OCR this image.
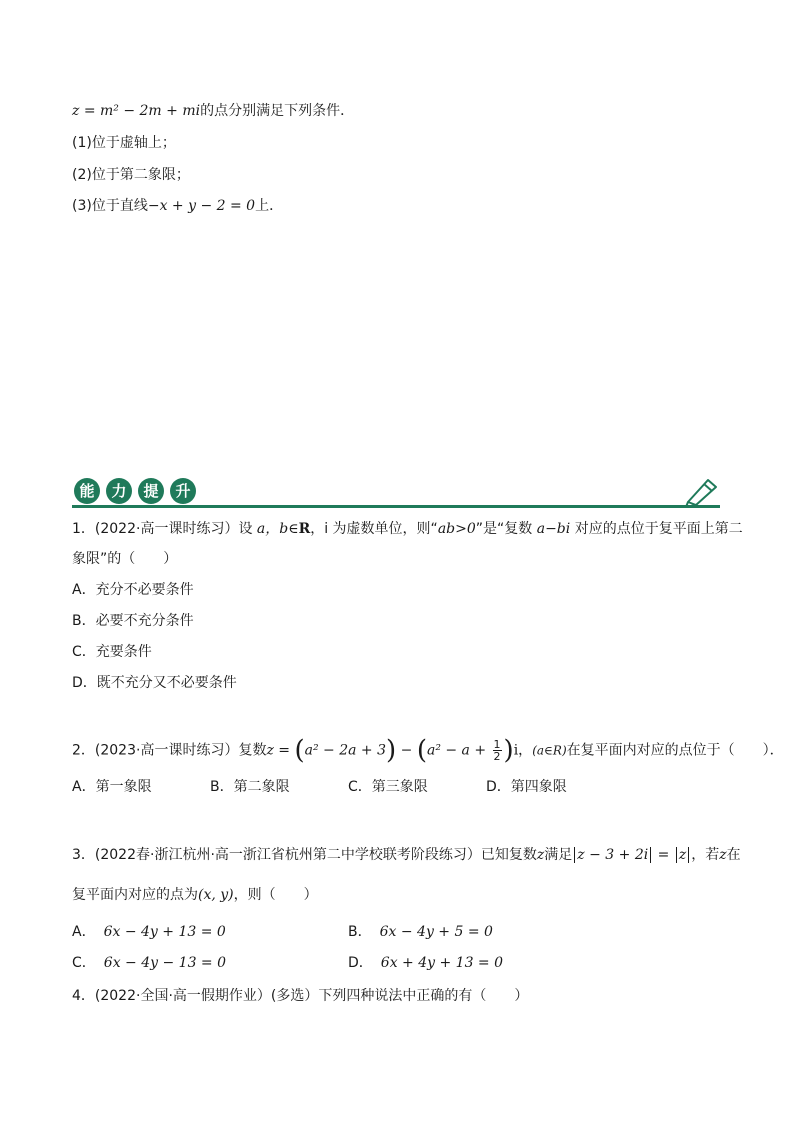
z = m² − 2m + mi的点分别满足下列条件．
(1)位于虚轴上；
(2)位于第二象限；
(3)位于直线−x + y − 2 = 0上．
能 力 提 升
1．(2022·高一课时练习）设 a，b∈R，i 为虚数单位，则“ab>0”是“复数 a−bi 对应的点位于复平面上第二
象限”的（　　）
A．充分不必要条件
B．必要不充分条件
C．充要条件
D．既不充分又不必要条件
2．(2023·高一课时练习）复数$z = (a^2 - 2a + 3) - (a^2 - a + \frac{1}{2} )i$，(a∈R)在复平面内对应的点位于（　　）．
A．第一象限	B．第二象限	C．第三象限	D．第四象限
3．(2022春·浙江杭州·高一浙江省杭州第二中学校联考阶段练习）已知复数z满足 z − 3 + 2i = z ，若z在
复平面内对应的点为(x, y)，则（　　）
A． 6x − 4y + 13 = 0	B． 6x − 4y + 5 = 0
C． 6x − 4y − 13 = 0	D． 6x + 4y + 13 = 0
4．(2022·全国·高一假期作业）(多选）下列四种说法中正确的有（　　）
